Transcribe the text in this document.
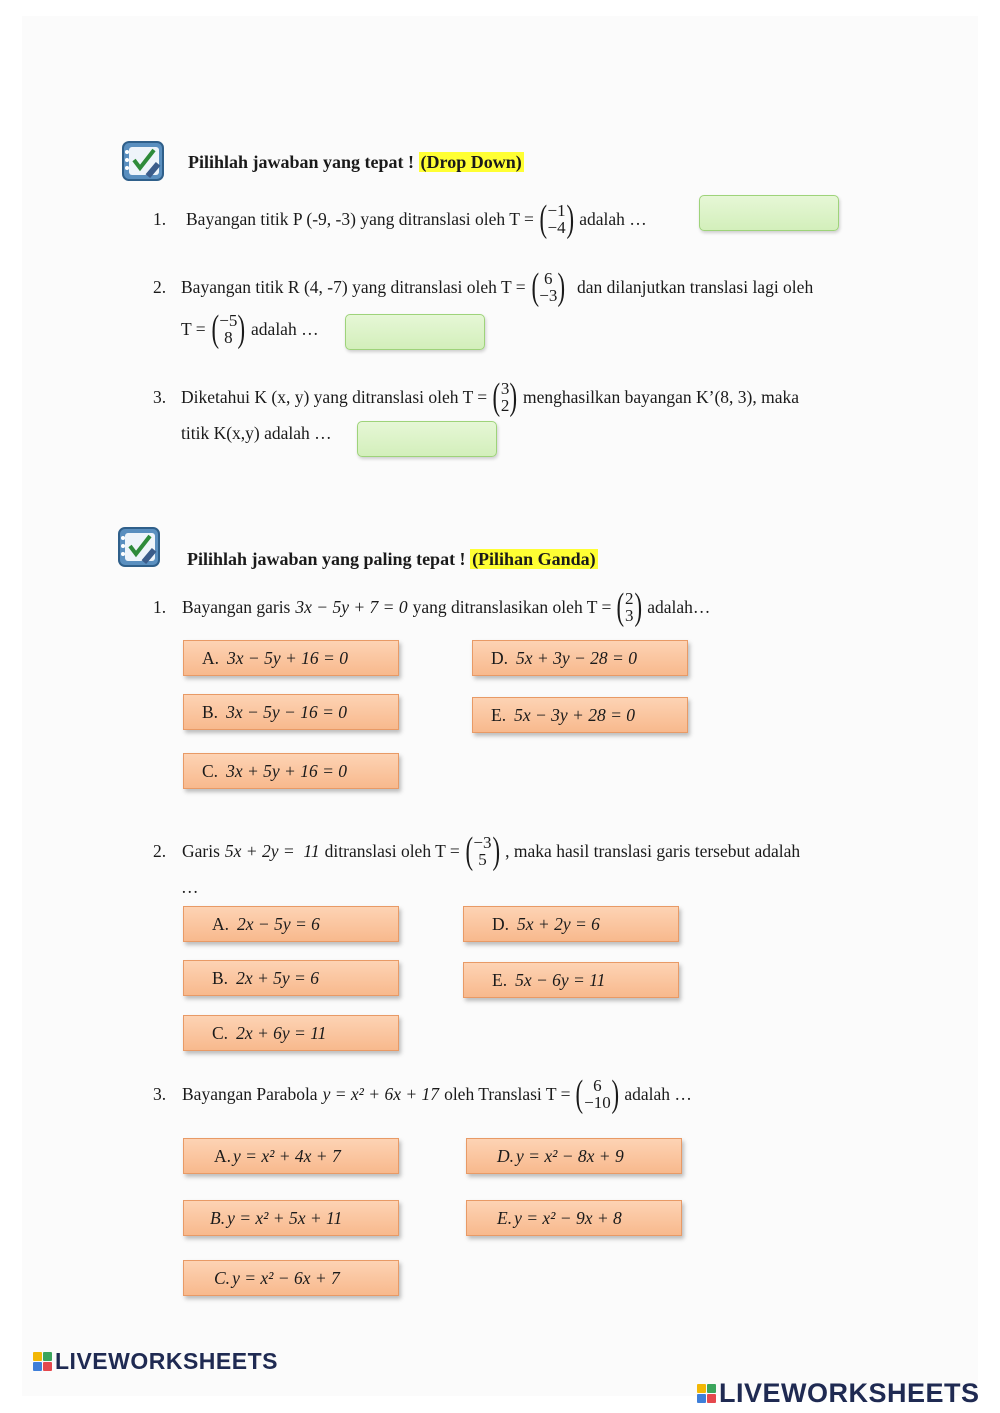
Pilihlah jawaban yang tepat ! (Drop Down)
1.	Bayangan titik P (-9, -3) yang ditranslasi oleh T = ( −1
−4 ) adalah …
2. Bayangan titik R (4, -7) yang ditranslasi oleh T = ( 6
−3 ) dan dilanjutkan translasi lagi oleh
T = ( −5
8 ) adalah …
3. Diketahui K (x, y) yang ditranslasi oleh T = ( 3
2 ) menghasilkan bayangan K’(8, 3), maka
titik K(x,y) adalah …
Pilihlah jawaban yang paling tepat ! (Pilihan Ganda)
1. Bayangan garis 3x − 5y + 7 = 0 yang ditranslasikan oleh T = ( 2
3 ) adalah…
A. 3x − 5y + 16 = 0
B. 3x − 5y − 16 = 0
C. 3x + 5y + 16 = 0
D. 5x + 3y − 28 = 0
E. 5x − 3y + 28 = 0
2. Garis 5x + 2y =  11 ditranslasi oleh T = ( −3
5 ) , maka hasil translasi garis tersebut adalah
…
A. 2x − 5y = 6
B. 2x + 5y = 6
C. 2x + 6y = 11
D. 5x + 2y = 6
E. 5x − 6y = 11
3. Bayangan Parabola y = x² + 6x + 17 oleh Translasi T = ( 6
−10 ) adalah …
A. y = x² + 4x + 7
B. y = x² + 5x + 11
C. y = x² − 6x + 7
D. y = x² − 8x + 9
E. y = x² − 9x + 8
LIVEWORKSHEETS
LIVEWORKSHEETS
